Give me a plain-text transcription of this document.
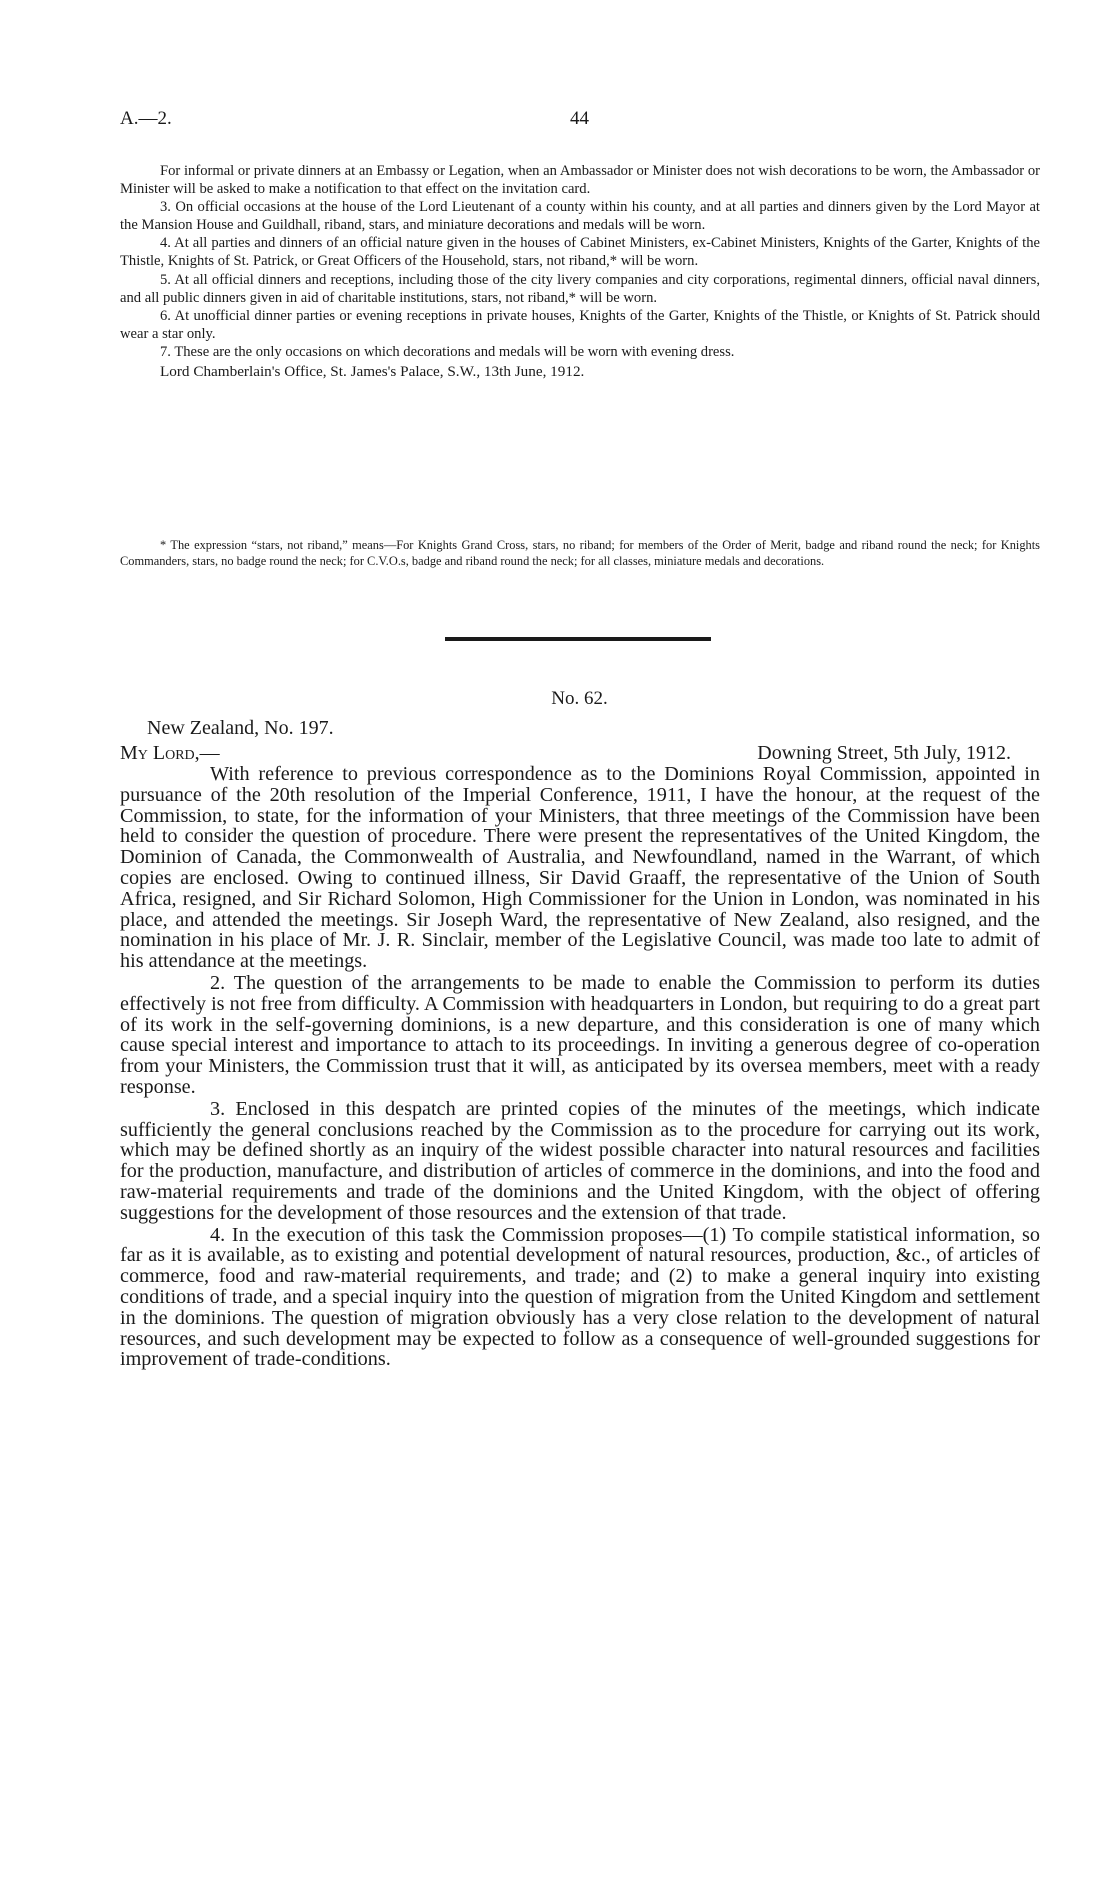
A.—2.	44

For informal or private dinners at an Embassy or Legation, when an Ambassador or Minister does not wish decorations to be worn, the Ambassador or Minister will be asked to make a notification to that effect on the invitation card.

3. On official occasions at the house of the Lord Lieutenant of a county within his county, and at all parties and dinners given by the Lord Mayor at the Mansion House and Guildhall, riband, stars, and miniature decorations and medals will be worn.

4. At all parties and dinners of an official nature given in the houses of Cabinet Ministers, ex-Cabinet Ministers, Knights of the Garter, Knights of the Thistle, Knights of St. Patrick, or Great Officers of the Household, stars, not riband,* will be worn.

5. At all official dinners and receptions, including those of the city livery companies and city corporations, regimental dinners, official naval dinners, and all public dinners given in aid of charitable institutions, stars, not riband,* will be worn.

6. At unofficial dinner parties or evening receptions in private houses, Knights of the Garter, Knights of the Thistle, or Knights of St. Patrick should wear a star only.

7. These are the only occasions on which decorations and medals will be worn with evening dress.

Lord Chamberlain's Office, St. James's Palace, S.W., 13th June, 1912.

* The expression “stars, not riband,” means—For Knights Grand Cross, stars, no riband; for members of the Order of Merit, badge and riband round the neck; for Knights Commanders, stars, no badge round the neck; for C.V.O.s, badge and riband round the neck; for all classes, miniature medals and decorations.

No. 62.
New Zealand, No. 197.
My Lord,—	Downing Street, 5th July, 1912.

With reference to previous correspondence as to the Dominions Royal Commission, appointed in pursuance of the 20th resolution of the Imperial Conference, 1911, I have the honour, at the request of the Commission, to state, for the information of your Ministers, that three meetings of the Commission have been held to consider the question of procedure. There were present the representatives of the United Kingdom, the Dominion of Canada, the Commonwealth of Australia, and Newfoundland, named in the Warrant, of which copies are enclosed. Owing to continued illness, Sir David Graaff, the representative of the Union of South Africa, resigned, and Sir Richard Solomon, High Commissioner for the Union in London, was nominated in his place, and attended the meetings. Sir Joseph Ward, the representative of New Zealand, also resigned, and the nomination in his place of Mr. J. R. Sinclair, member of the Legislative Council, was made too late to admit of his attendance at the meetings.

2. The question of the arrangements to be made to enable the Commission to perform its duties effectively is not free from difficulty. A Commission with headquarters in London, but requiring to do a great part of its work in the self-governing dominions, is a new departure, and this consideration is one of many which cause special interest and importance to attach to its proceedings. In inviting a generous degree of co-operation from your Ministers, the Commission trust that it will, as anticipated by its oversea members, meet with a ready response.

3. Enclosed in this despatch are printed copies of the minutes of the meetings, which indicate sufficiently the general conclusions reached by the Commission as to the procedure for carrying out its work, which may be defined shortly as an inquiry of the widest possible character into natural resources and facilities for the production, manufacture, and distribution of articles of commerce in the dominions, and into the food and raw-material requirements and trade of the dominions and the United Kingdom, with the object of offering suggestions for the development of those resources and the extension of that trade.

4. In the execution of this task the Commission proposes—(1) To compile statistical information, so far as it is available, as to existing and potential development of natural resources, production, &c., of articles of commerce, food and raw-material requirements, and trade; and (2) to make a general inquiry into existing conditions of trade, and a special inquiry into the question of migration from the United Kingdom and settlement in the dominions. The question of migration obviously has a very close relation to the development of natural resources, and such development may be expected to follow as a consequence of well-grounded suggestions for improvement of trade-conditions.
